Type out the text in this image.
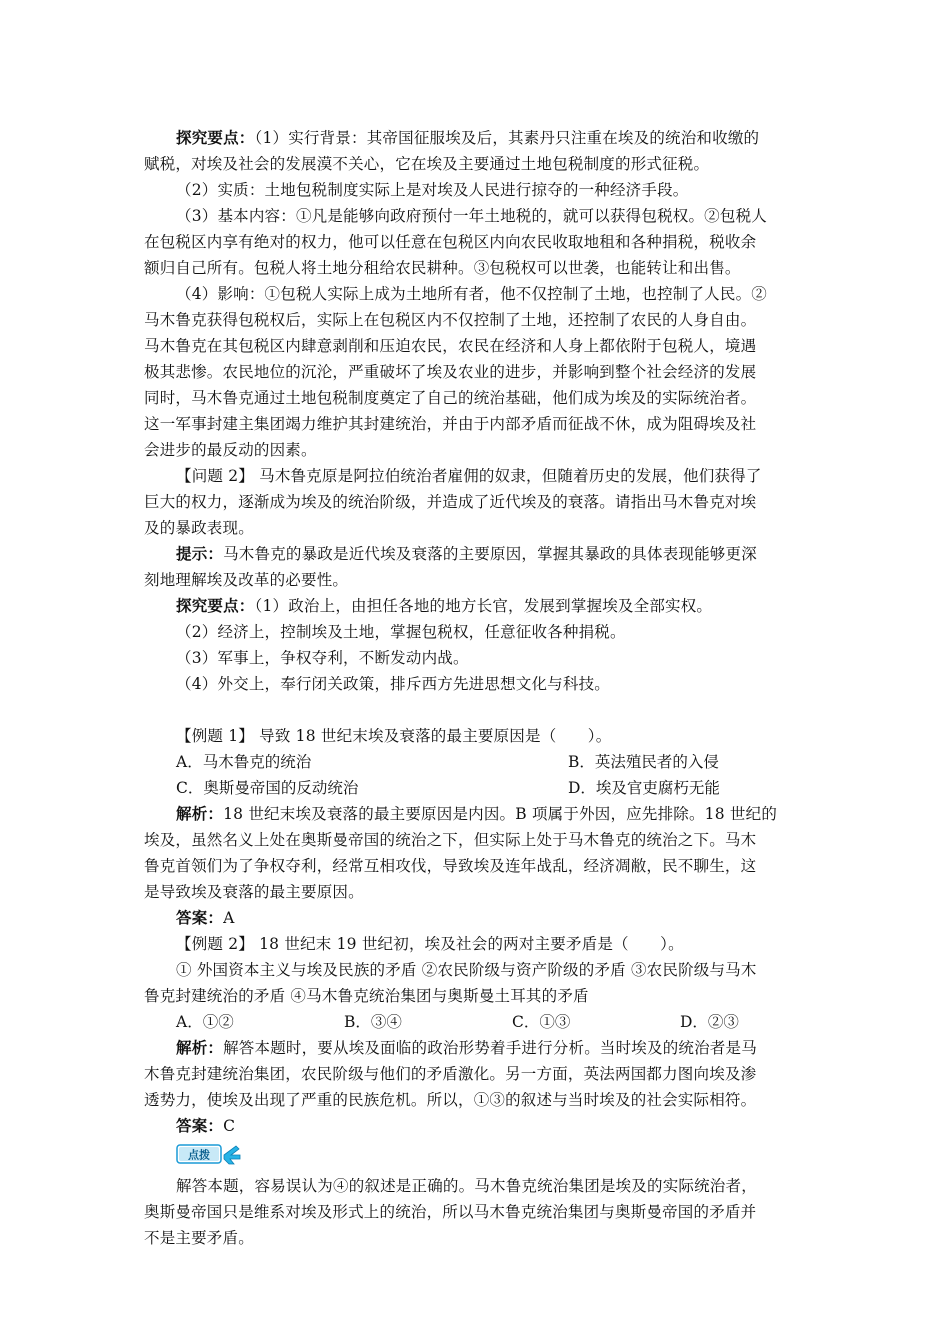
探究要点：（1）实行背景：其帝国征服埃及后，其素丹只注重在埃及的统治和收缴的
赋税，对埃及社会的发展漠不关心，它在埃及主要通过土地包税制度的形式征税。
（2）实质：土地包税制度实际上是对埃及人民进行掠夺的一种经济手段。
（3）基本内容：①凡是能够向政府预付一年土地税的，就可以获得包税权。②包税人
在包税区内享有绝对的权力，他可以任意在包税区内向农民收取地租和各种捐税，税收余
额归自己所有。包税人将土地分租给农民耕种。③包税权可以世袭，也能转让和出售。
（4）影响：①包税人实际上成为土地所有者，他不仅控制了土地，也控制了人民。②
马木鲁克获得包税权后，实际上在包税区内不仅控制了土地，还控制了农民的人身自由。
马木鲁克在其包税区内肆意剥削和压迫农民，农民在经济和人身上都依附于包税人，境遇
极其悲惨。农民地位的沉沦，严重破坏了埃及农业的进步，并影响到整个社会经济的发展
同时，马木鲁克通过土地包税制度奠定了自己的统治基础，他们成为埃及的实际统治者。
这一军事封建主集团竭力维护其封建统治，并由于内部矛盾而征战不休，成为阻碍埃及社
会进步的最反动的因素。
【问题 2】 马木鲁克原是阿拉伯统治者雇佣的奴隶，但随着历史的发展，他们获得了
巨大的权力，逐渐成为埃及的统治阶级，并造成了近代埃及的衰落。请指出马木鲁克对埃
及的暴政表现。
提示：马木鲁克的暴政是近代埃及衰落的主要原因，掌握其暴政的具体表现能够更深
刻地理解埃及改革的必要性。
探究要点：（1）政治上，由担任各地的地方长官，发展到掌握埃及全部实权。
（2）经济上，控制埃及土地，掌握包税权，任意征收各种捐税。
（3）军事上，争权夺利，不断发动内战。
（4）外交上，奉行闭关政策，排斥西方先进思想文化与科技。
【例题 1】 导致 18 世纪末埃及衰落的最主要原因是（　　）。
A．马木鲁克的统治	B．英法殖民者的入侵
C．奥斯曼帝国的反动统治	D．埃及官吏腐朽无能
解析：18 世纪末埃及衰落的最主要原因是内因。B 项属于外因，应先排除。18 世纪的
埃及，虽然名义上处在奥斯曼帝国的统治之下，但实际上处于马木鲁克的统治之下。马木
鲁克首领们为了争权夺利，经常互相攻伐，导致埃及连年战乱，经济凋敝，民不聊生，这
是导致埃及衰落的最主要原因。
答案：A
【例题 2】 18 世纪末 19 世纪初，埃及社会的两对主要矛盾是（　　）。
① 外国资本主义与埃及民族的矛盾 ②农民阶级与资产阶级的矛盾 ③农民阶级与马木
鲁克封建统治的矛盾 ④马木鲁克统治集团与奥斯曼土耳其的矛盾
A．①②	B．③④	C．①③	D．②③
解析：解答本题时，要从埃及面临的政治形势着手进行分析。当时埃及的统治者是马
木鲁克封建统治集团，农民阶级与他们的矛盾激化。另一方面，英法两国都力图向埃及渗
透势力，使埃及出现了严重的民族危机。所以，①③的叙述与当时埃及的社会实际相符。
答案：C
点拨
解答本题，容易误认为④的叙述是正确的。马木鲁克统治集团是埃及的实际统治者，
奥斯曼帝国只是维系对埃及形式上的统治，所以马木鲁克统治集团与奥斯曼帝国的矛盾并
不是主要矛盾。
